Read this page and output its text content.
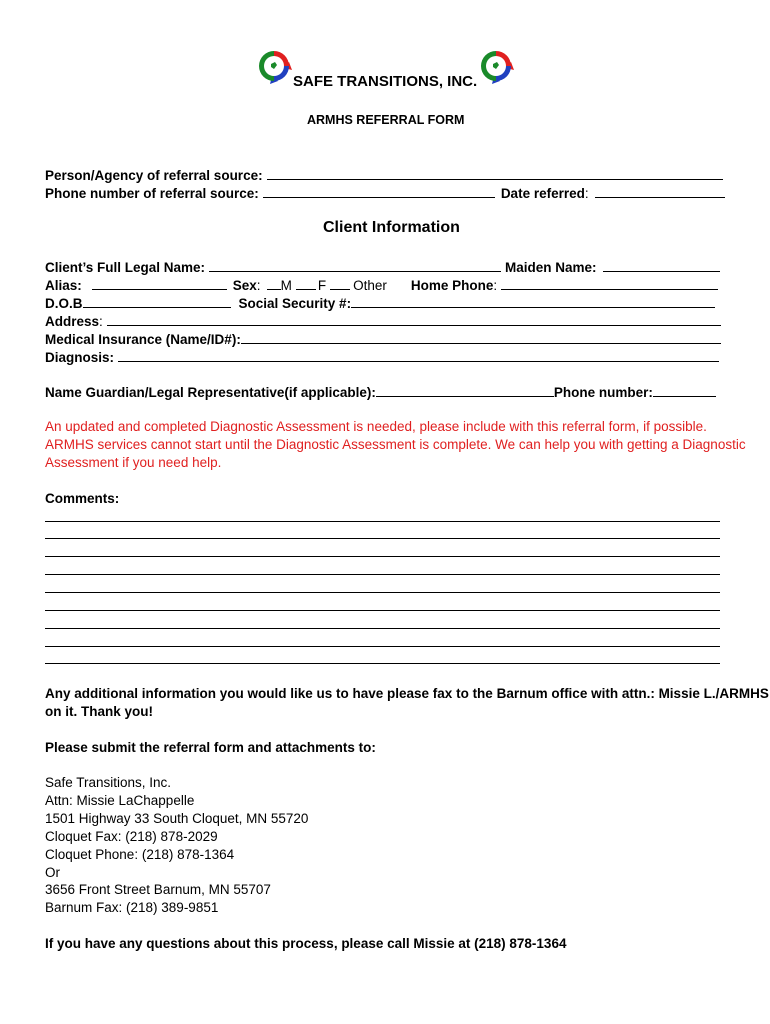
SAFE TRANSITIONS, INC.
ARMHS REFERRAL FORM
Person/Agency of referral source:
Phone number of referral source:	Date referred :
Client Information
Client’s Full Legal Name:	Maiden Name:
Alias:	Sex : M F Other Home Phone :
D.O.B	Social Security #:
Address :
Medical Insurance (Name/ID#):
Diagnosis:
Name Guardian/Legal Representative(if applicable):	Phone number:
An updated and completed Diagnostic Assessment is needed, please include with this referral form, if possible.
ARMHS services cannot start until the Diagnostic Assessment is complete. We can help you with getting a Diagnostic
Assessment if you need help.
Comments:
Any additional information you would like us to have please fax to the Barnum office with attn.: Missie L./ARMHS
on it. Thank you!
Please submit the referral form and attachments to:
Safe Transitions, Inc.
Attn: Missie LaChappelle
1501 Highway 33 South Cloquet, MN 55720
Cloquet Fax: (218) 878-2029
Cloquet Phone: (218) 878-1364
Or
3656 Front Street Barnum, MN 55707
Barnum Fax: (218) 389-9851
If you have any questions about this process, please call Missie at (218) 878-1364
